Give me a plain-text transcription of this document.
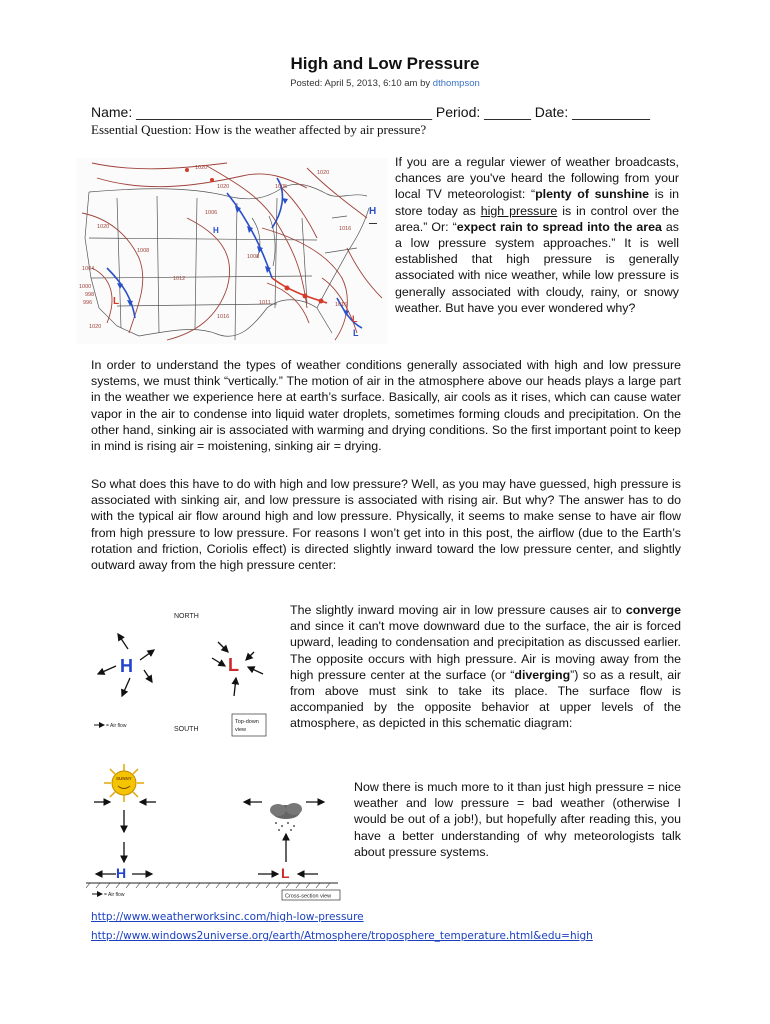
High and Low Pressure
Posted: April 5, 2013, 6:10 am by dthompson
Name: ______________________________________ Period: ______ Date: __________
Essential Question: How is the weather affected by air pressure?
1020
1020	1005
1006
1020
1008
1004
1011	1016
1020
1000
998
996
1020
1016
1008
1012
1016
H
L
L
L
H
If you are a regular viewer of weather broadcasts, chances are you've heard the following from your local TV meteorologist: “plenty of sunshine is in store today as high pressure is in control over the area.” Or: “expect rain to spread into the area as a low pressure system approaches.” It is well established that high pressure is generally associated with nice weather, while low pressure is generally associated with cloudy, rainy, or snowy weather. But have you ever wondered why?
In order to understand the types of weather conditions generally associated with high and low pressure systems, we must think “vertically.” The motion of air in the atmosphere above our heads plays a large part in the weather we experience here at earth’s surface. Basically, air cools as it rises, which can cause water vapor in the air to condense into liquid water droplets, sometimes forming clouds and precipitation. On the other hand, sinking air is associated with warming and drying conditions. So the first important point to keep in mind is rising air = moistening, sinking air = drying.
So what does this have to do with high and low pressure? Well, as you may have guessed, high pressure is associated with sinking air, and low pressure is associated with rising air. But why? The answer has to do with the typical air flow around high and low pressure. Physically, it seems to make sense to have air flow from high pressure to low pressure. For reasons I won’t get into in this post, the airflow (due to the Earth’s rotation and friction, Coriolis effect) is directed slightly inward toward the low pressure center, and slightly outward away from the high pressure center:
NORTH
SOUTH
H	L
= Air flow
Top-down
view
The slightly inward moving air in low pressure causes air to converge and since it can't move downward due to the surface, the air is forced upward, leading to condensation and precipitation as discussed earlier. The opposite occurs with high pressure. Air is moving away from the high pressure center at the surface (or “diverging”) so as a result, air from above must sink to take its place. The surface flow is accompanied by the opposite behavior at upper levels of the atmosphere, as depicted in this schematic diagram:
SUNNY
H	L
= Air flow	Cross-section view
Now there is much more to it than just high pressure = nice weather and low pressure = bad weather (otherwise I would be out of a job!), but hopefully after reading this, you have a better understanding of why meteorologists talk about pressure systems.
http://www.weatherworksinc.com/high-low-pressure
http://www.windows2universe.org/earth/Atmosphere/troposphere_temperature.html&edu=high
